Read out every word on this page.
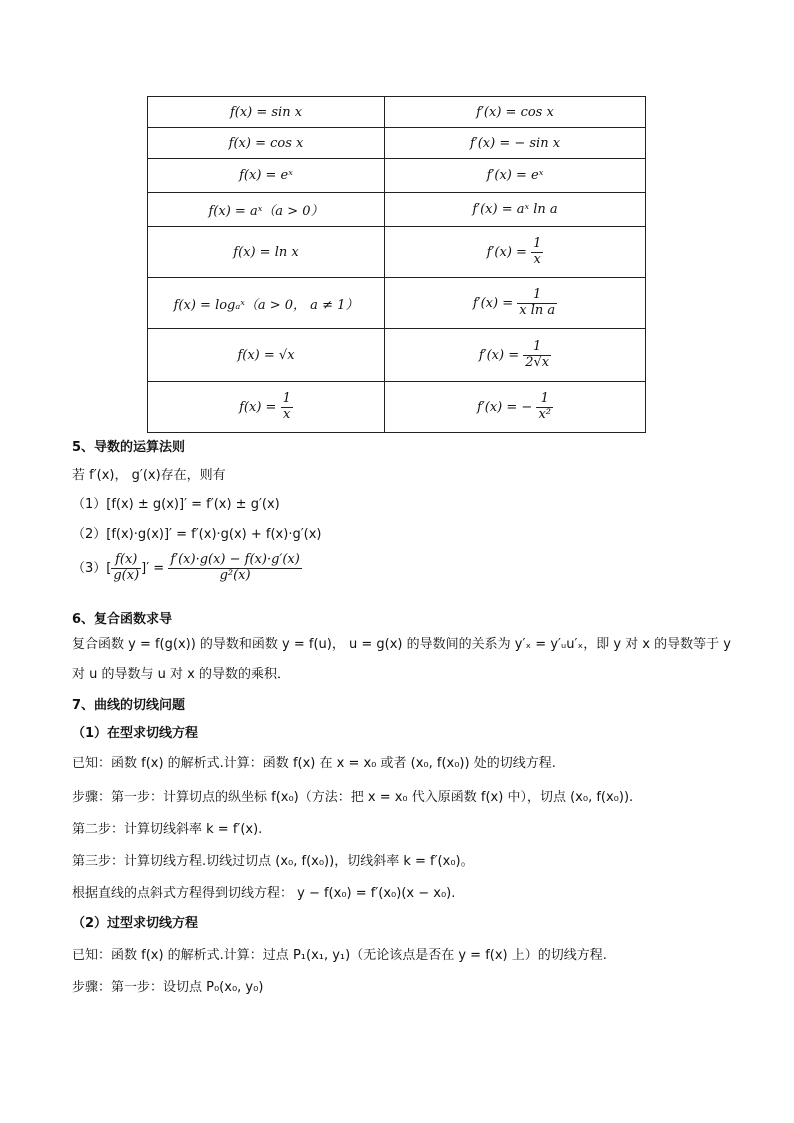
f(x) = sin x	f′(x) = cos x
f(x) = cos x	f′(x) = − sin x
f(x) = eˣ	f′(x) = eˣ
f(x) = aˣ（a > 0）	f′(x) = aˣ ln a
f(x) = ln x	$f'(x) = \frac{1}{x}$

f(x) = logₐˣ（a > 0， a ≠ 1）	$f'(x) = \frac{1}{\text{x ln a}}$

f(x) = √x	$f'(x) = \frac{1}{2√x}$

$f(x) = \frac{1}{x}$	f′(x) = − $\frac{1}{\text{x²}}$
5、导数的运算法则
若 f′(x)， g′(x)存在，则有
（1）[f(x) ± g(x)]′ = f′(x) ± g′(x)
（2）[f(x)·g(x)]′ = f′(x)·g(x) + f(x)·g′(x)
$(3)[ \frac{f(x)}{g(x)}$ ]′ = $\frac{f'(x)\cdot g(x) - f(x)\cdot g'(x)}{\text{g²(x)}}$
6、复合函数求导
复合函数 y = f(g(x)) 的导数和函数 y = f(u)， u = g(x) 的导数间的关系为 y′ₓ = y′ᵤu′ₓ，即 y 对 x 的导数等于 y 对 u 的导数与 u 对 x 的导数的乘积．
7、曲线的切线问题
（1）在型求切线方程
已知：函数 f(x) 的解析式.计算：函数 f(x) 在 x = x₀ 或者 (x₀, f(x₀)) 处的切线方程.
步骤：第一步：计算切点的纵坐标 f(x₀)（方法：把 x = x₀ 代入原函数 f(x) 中），切点 (x₀, f(x₀)).
第二步：计算切线斜率 k = f′(x).
第三步：计算切线方程.切线过切点 (x₀, f(x₀))，切线斜率 k = f′(x₀)。
根据直线的点斜式方程得到切线方程： y − f(x₀) = f′(x₀)(x − x₀).
（2）过型求切线方程
已知：函数 f(x) 的解析式.计算：过点 P₁(x₁, y₁)（无论该点是否在 y = f(x) 上）的切线方程.
步骤：第一步：设切点 P₀(x₀, y₀)
